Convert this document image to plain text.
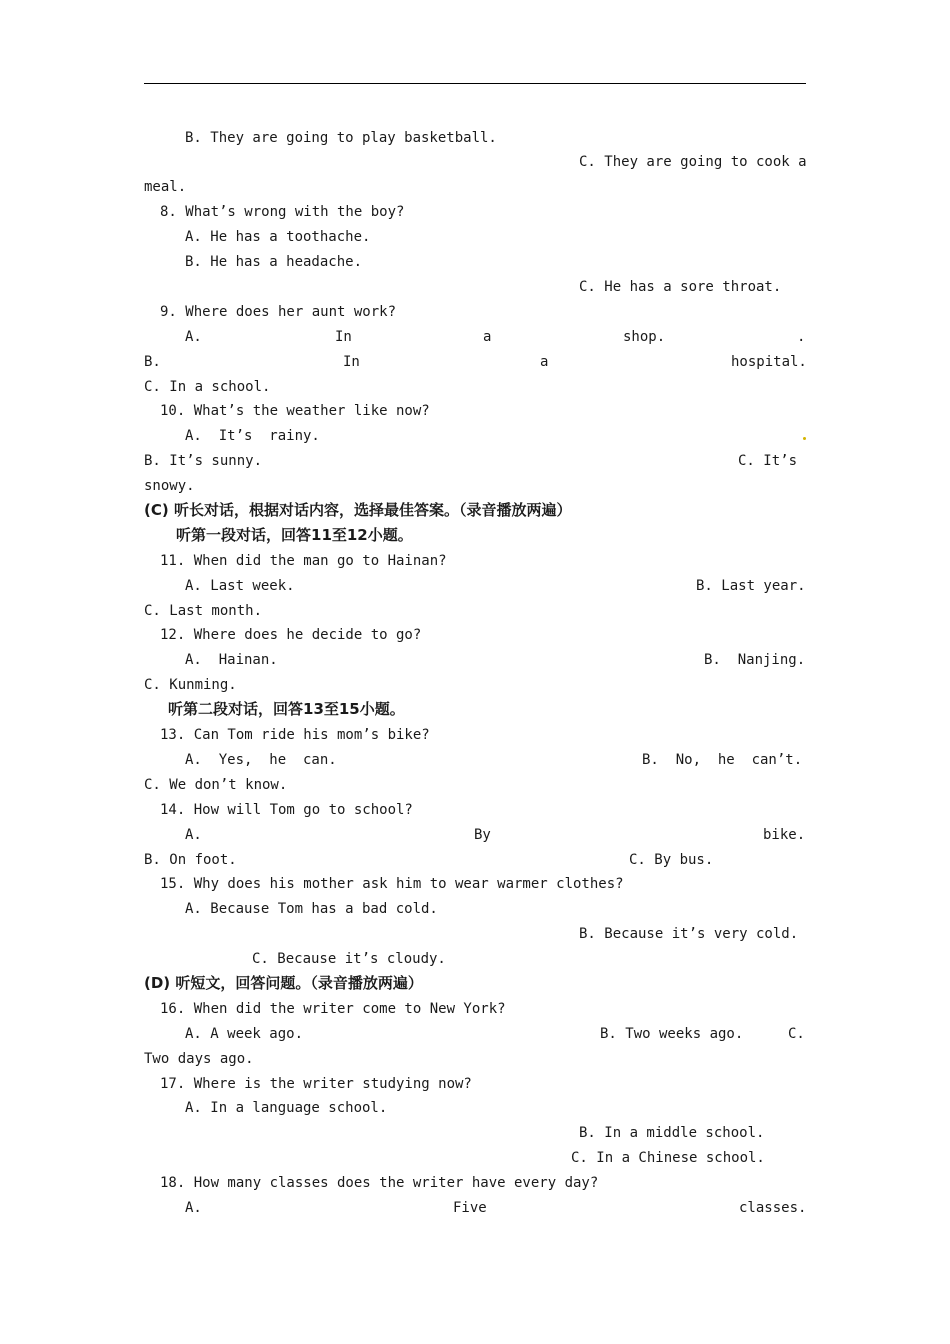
B. They are going to play basketball.
C. They are going to cook a
meal.
8. What’s wrong with the boy?
A. He has a toothache.
B. He has a headache.
C. He has a sore throat.
9. Where does her aunt work?
A.	In	a	shop.	.
B.	In	a	hospital.
C. In a school.
10. What’s the weather like now?
A.  It’s  rainy.
B. It’s sunny.	C. It’s
snowy.
(C) 听长对话，根据对话内容，选择最佳答案。（录音播放两遍）
听第一段对话，回答11至12小题。
11. When did the man go to Hainan?
A. Last week.	B. Last year.
C. Last month.
12. Where does he decide to go?
A.  Hainan.	B.  Nanjing.
C. Kunming.
听第二段对话，回答13至15小题。
13. Can Tom ride his mom’s bike?
A.  Yes,  he  can.	B.  No,  he  can’t.
C. We don’t know.
14. How will Tom go to school?
A.	By	bike.
B. On foot.	C. By bus.
15. Why does his mother ask him to wear warmer clothes?
A. Because Tom has a bad cold.
B. Because it’s very cold.
C. Because it’s cloudy.
(D) 听短文，回答问题。（录音播放两遍）
16. When did the writer come to New York?
A. A week ago.	B. Two weeks ago.	C.
Two days ago.
17. Where is the writer studying now?
A. In a language school.
B. In a middle school.
C. In a Chinese school.
18. How many classes does the writer have every day?
A.	Five	classes.
